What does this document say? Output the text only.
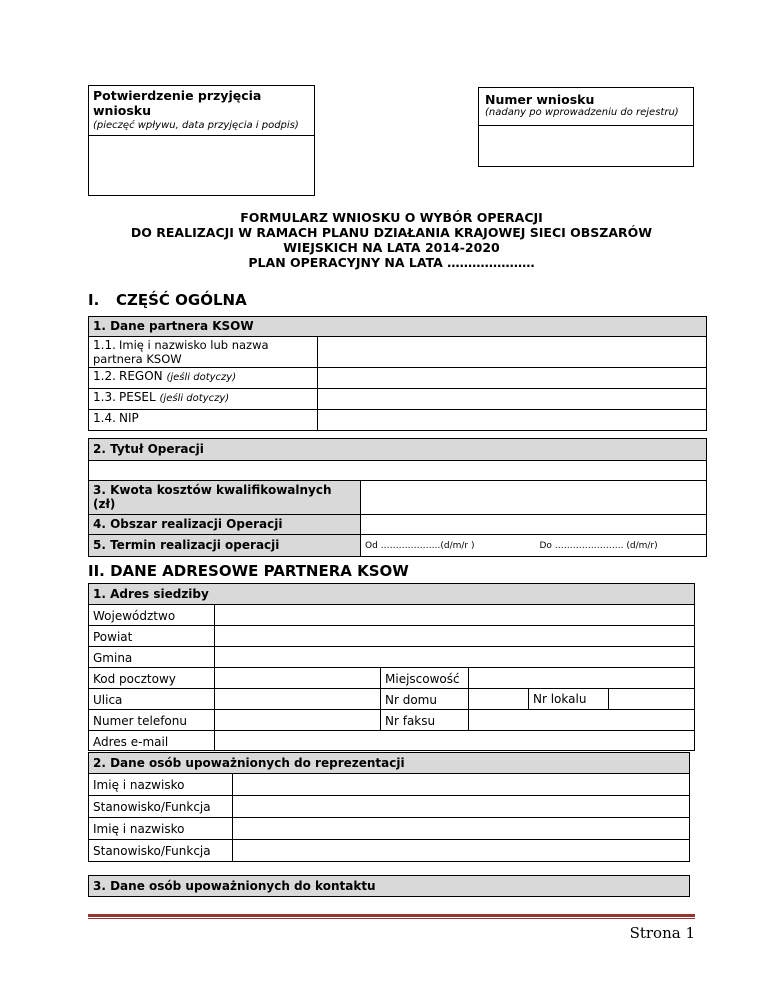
Potwierdzenie przyjęcia wniosku
(pieczęć wpływu, data przyjęcia i podpis)
Numer wniosku
(nadany po wprowadzeniu do rejestru)
FORMULARZ WNIOSKU O WYBÓR OPERACJI
DO REALIZACJI W RAMACH PLANU DZIAŁANIA KRAJOWEJ SIECI OBSZARÓW
WIEJSKICH NA LATA 2014-2020
PLAN OPERACYJNY NA LATA …………………
I. CZĘŚĆ OGÓLNA
1. Dane partnera KSOW	
1.1. Imię i nazwisko lub nazwa partnera KSOW	
1.2. REGON (jeśli dotyczy)	
1.3. PESEL (jeśli dotyczy)	
1.4. NIP	
2. Tytuł Operacji		

3. Kwota kosztów kwalifikowalnych (zł)		
4. Obszar realizacji Operacji		
5. Termin realizacji operacji	Od ………………..(d/m/r )	Do ………………….. (d/m/r)
II. DANE ADRESOWE PARTNERA KSOW
1. Adres siedziby				
Województwo				
Powiat				
Gmina				
Kod pocztowy		Miejscowość		
Ulica		Nr domu		Nr lokalu

Numer telefonu		Nr faksu		
Adres e-mail				
2. Dane osób upoważnionych do reprezentacji	
Imię i nazwisko	
Stanowisko/Funkcja	
Imię i nazwisko	
Stanowisko/Funkcja	
3. Dane osób upoważnionych do kontaktu
Strona 1
